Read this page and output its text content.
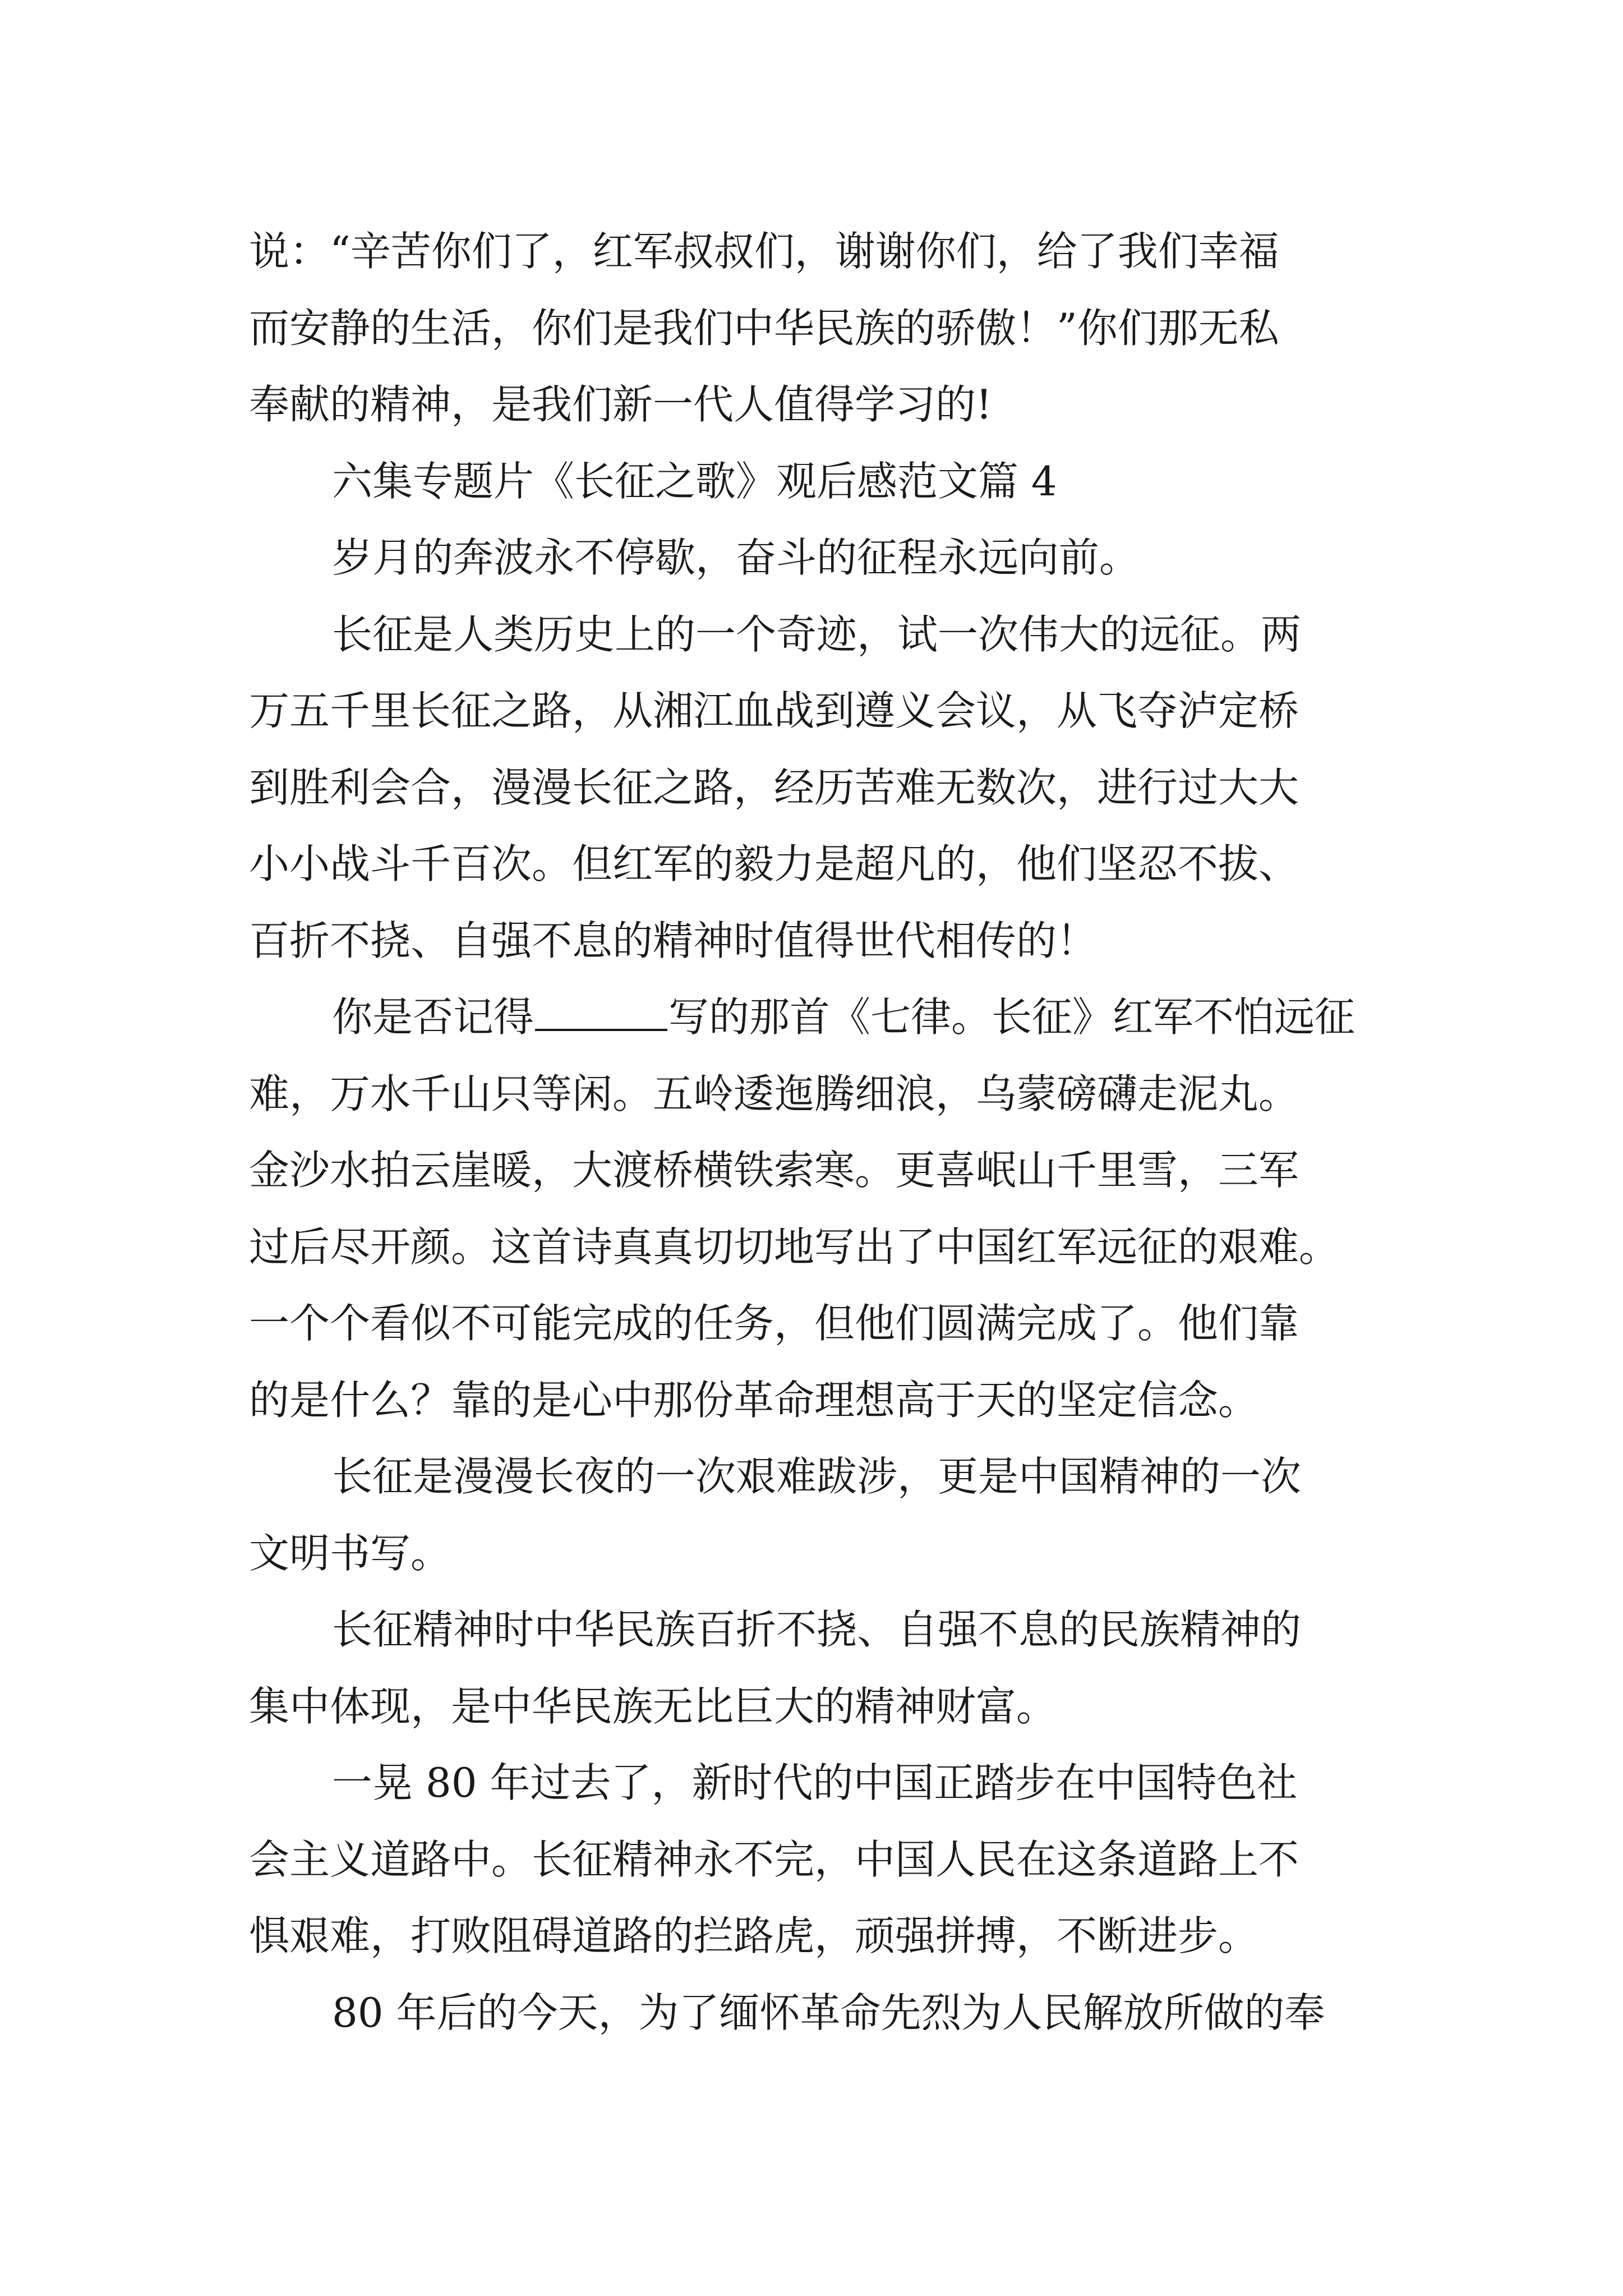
说：“辛苦你们了，红军叔叔们，谢谢你们，给了我们幸福
而安静的生活，你们是我们中华民族的骄傲！”你们那无私
奉献的精神，是我们新一代人值得学习的!
六集专题片《长征之歌》观后感范文篇 4
岁月的奔波永不停歇，奋斗的征程永远向前。
长征是人类历史上的一个奇迹，试一次伟大的远征。两
万五千里长征之路，从湘江血战到遵义会议，从飞夺泸定桥
到胜利会合，漫漫长征之路，经历苦难无数次，进行过大大
小小战斗千百次。但红军的毅力是超凡的，他们坚忍不拔、
百折不挠、自强不息的精神时值得世代相传的！
你是否记得	写的那首《七律。长征》红军不怕远征
难，万水千山只等闲。五岭逶迤腾细浪，乌蒙磅礴走泥丸。
金沙水拍云崖暖，大渡桥横铁索寒。更喜岷山千里雪，三军
过后尽开颜。这首诗真真切切地写出了中国红军远征的艰难。
一个个看似不可能完成的任务，但他们圆满完成了。他们靠
的是什么？靠的是心中那份革命理想高于天的坚定信念。
长征是漫漫长夜的一次艰难跋涉，更是中国精神的一次
文明书写。
长征精神时中华民族百折不挠、自强不息的民族精神的
集中体现，是中华民族无比巨大的精神财富。
一晃 80 年过去了，新时代的中国正踏步在中国特色社
会主义道路中。长征精神永不完，中国人民在这条道路上不
惧艰难，打败阻碍道路的拦路虎，顽强拼搏，不断进步。
80 年后的今天，为了缅怀革命先烈为人民解放所做的奉
